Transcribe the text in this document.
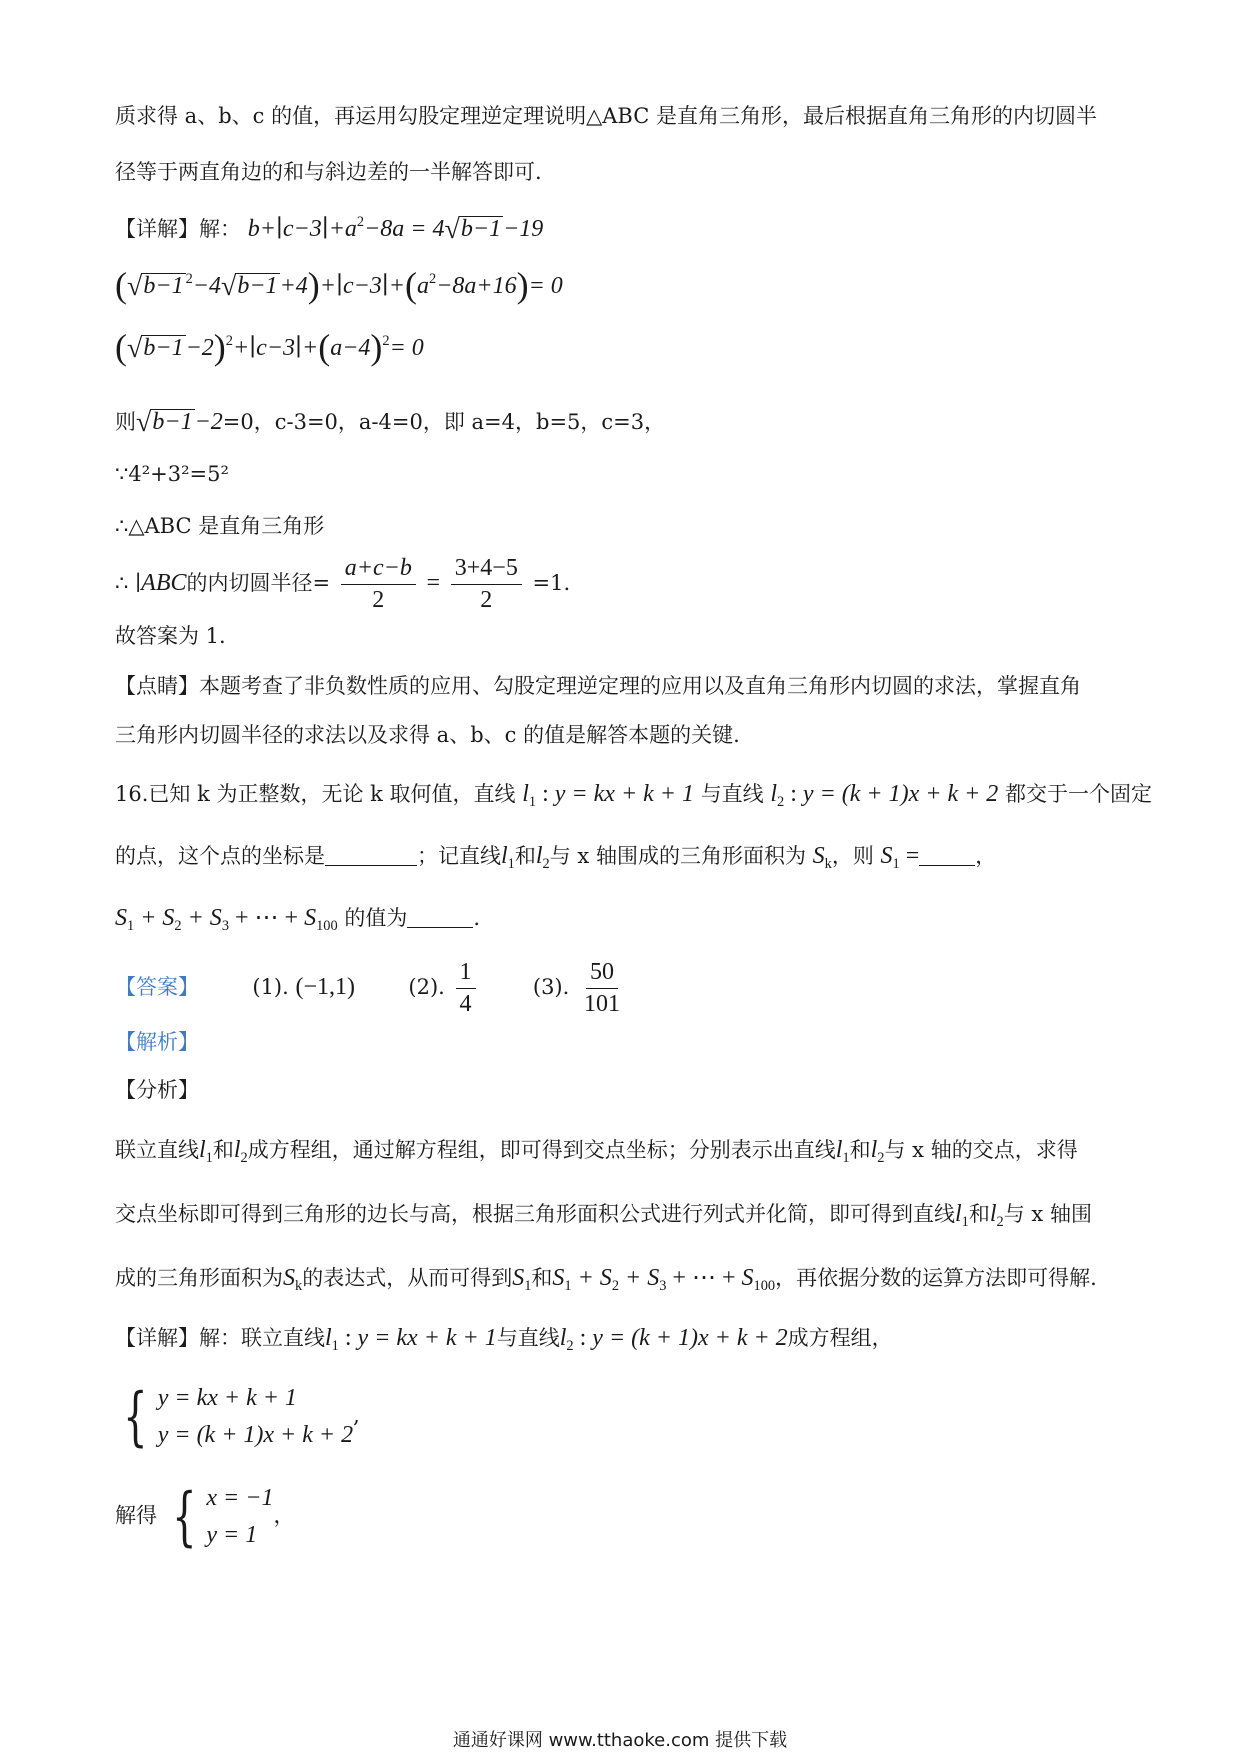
质求得 a、b、c 的值，再运用勾股定理逆定理说明△ABC 是直角三角形，最后根据直角三角形的内切圆半
径等于两直角边的和与斜边差的一半解答即可.
【详解】解： $b+∣c-3∣+a^2-8a = 4√b-1-19$
(√b−1 $^2-4√b-1+4)+∣c-3∣+(a^2-8a+16)= 0$
$(√b-1-2)^2+∣c-3∣+(a-4)^2= 0$
则√b−1−2=0，c-3=0，a-4=0，即 a=4，b=5，c=3，
∵4²+3²=5²
∴△ABC 是直角三角形
∴ ∣ABC的内切圆半径= $\frac{a+c-b}{2} = \frac{3+4-5}{2} =1$.
故答案为 1.
【点睛】本题考查了非负数性质的应用、勾股定理逆定理的应用以及直角三角形内切圆的求法，掌握直角
三角形内切圆半径的求法以及求得 a、b、c 的值是解答本题的关键.
16.已知 k 为正整数，无论 k 取何值，直线 $l_1$ : y = kx + k + 1 与直线 $l_2$ : y = (k + 1)x + k + 2 都交于一个固定
的点，这个点的坐标是	；记直线$l_1$和$l_2$与 x 轴围成的三角形面积为 $S_k$，则 $S_1$ =	，
$S_1 + S_2 + S_3$ + ⋯ + $S_{100}$ 的值为	.
【答案】	(1). (−1,1)	(2). $\frac{1}{4}$	(3). $\frac{50}{101}$
【解析】
【分析】
联立直线$l_1$和$l_2$成方程组，通过解方程组，即可得到交点坐标；分别表示出直线$l_1$和$l_2$与 x 轴的交点，求得
交点坐标即可得到三角形的边长与高，根据三角形面积公式进行列式并化简，即可得到直线$l_1$和$l_2$与 x 轴围
成的三角形面积为$S_k$的表达式，从而可得到$S_1$和$S_1 + S_2 + S_3$ + ⋯ + $S_{100}$，再依据分数的运算方法即可得解.
【详解】解：联立直线$l_1$ : y = kx + k + 1与直线$l_2$ : y = (k + 1)x + k + 2成方程组，
{ y = kx + k + 1
y = (k + 1)x + k + 2
,
解得 { x = −1
y = 1
，
通通好课网 www.tthaoke.com 提供下载
